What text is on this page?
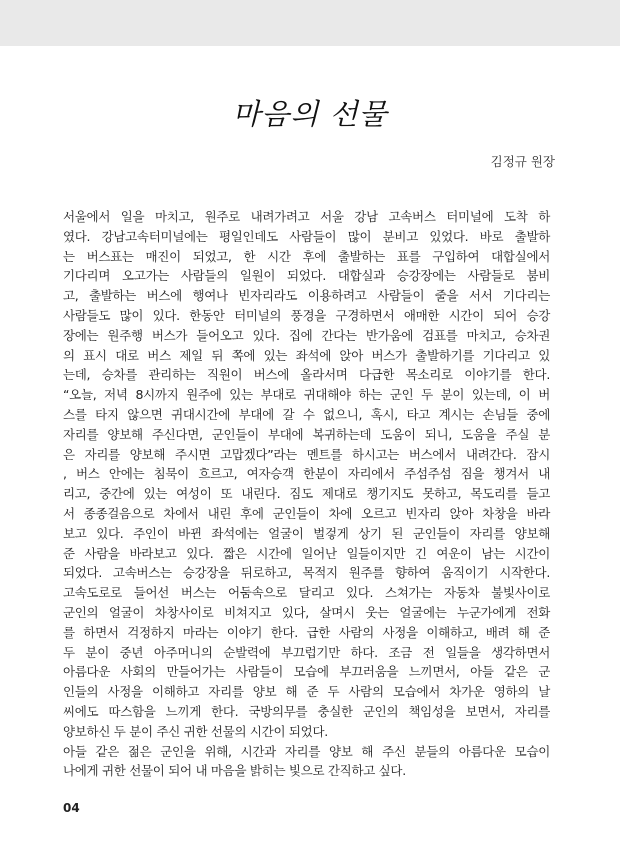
마음의 선물
김정규 원장
서울에서 일을 마치고, 원주로 내려가려고 서울 강남 고속버스 터미널에 도착 하
였다. 강남고속터미널에는 평일인데도 사람들이 많이 분비고 있었다. 바로 출발하
는 버스표는 매진이 되었고, 한 시간 후에 출발하는 표를 구입하여 대합실에서
기다리며 오고가는 사람들의 일원이 되었다. 대합실과 승강장에는 사람들로 붐비
고, 출발하는 버스에 행여나 빈자리라도 이용하려고 사람들이 줄을 서서 기다리는
사람들도 많이 있다. 한동안 터미널의 풍경을 구경하면서 애매한 시간이 되어 승강
장에는 원주행 버스가 들어오고 있다. 집에 간다는 반가움에 검표를 마치고, 승차권
의 표시 대로 버스 제일 뒤 쪽에 있는 좌석에 앉아 버스가 출발하기를 기다리고 있
는데, 승차를 관리하는 직원이 버스에 올라서며 다급한 목소리로 이야기를 한다.
“오늘, 저녁 8시까지 원주에 있는 부대로 귀대해야 하는 군인 두 분이 있는데, 이 버
스를 타지 않으면 귀대시간에 부대에 갈 수 없으니, 혹시, 타고 계시는 손님들 중에
자리를 양보해 주신다면, 군인들이 부대에 복귀하는데 도움이 되니, 도움을 주실 분
은 자리를 양보해 주시면 고맙겠다”라는 멘트를 하시고는 버스에서 내려간다. 잠시
, 버스 안에는 침묵이 흐르고, 여자승객 한분이 자리에서 주섬주섬 짐을 챙겨서 내
리고, 중간에 있는 여성이 또 내린다. 짐도 제대로 챙기지도 못하고, 목도리를 들고
서 종종걸음으로 차에서 내린 후에 군인들이 차에 오르고 빈자리 앉아 차창을 바라
보고 있다. 주인이 바뀐 좌석에는 얼굴이 벌겋게 상기 된 군인들이 자리를 양보해
준 사람을 바라보고 있다. 짧은 시간에 일어난 일들이지만 긴 여운이 남는 시간이
되었다. 고속버스는 승강장을 뒤로하고, 목적지 원주를 향하여 움직이기 시작한다.
고속도로로 들어선 버스는 어둠속으로 달리고 있다. 스쳐가는 자동차 불빛사이로
군인의 얼굴이 차창사이로 비쳐지고 있다, 살며시 웃는 얼굴에는 누군가에게 전화
를 하면서 걱정하지 마라는 이야기 한다. 급한 사람의 사정을 이해하고, 배려 해 준
두 분이 중년 아주머니의 순발력에 부끄럽기만 하다. 조금 전 일들을 생각하면서
아름다운 사회의 만들어가는 사람들이 모습에 부끄러움을 느끼면서, 아들 같은 군
인들의 사정을 이해하고 자리를 양보 해 준 두 사람의 모습에서 차가운 영하의 날
씨에도 따스함을 느끼게 한다. 국방의무를 충실한 군인의 책임성을 보면서, 자리를
양보하신 두 분이 주신 귀한 선물의 시간이 되었다.
아들 같은 젊은 군인을 위해, 시간과 자리를 양보 해 주신 분들의 아름다운 모습이
나에게 귀한 선물이 되어 내 마음을 밝히는 빛으로 간직하고 싶다.
04
